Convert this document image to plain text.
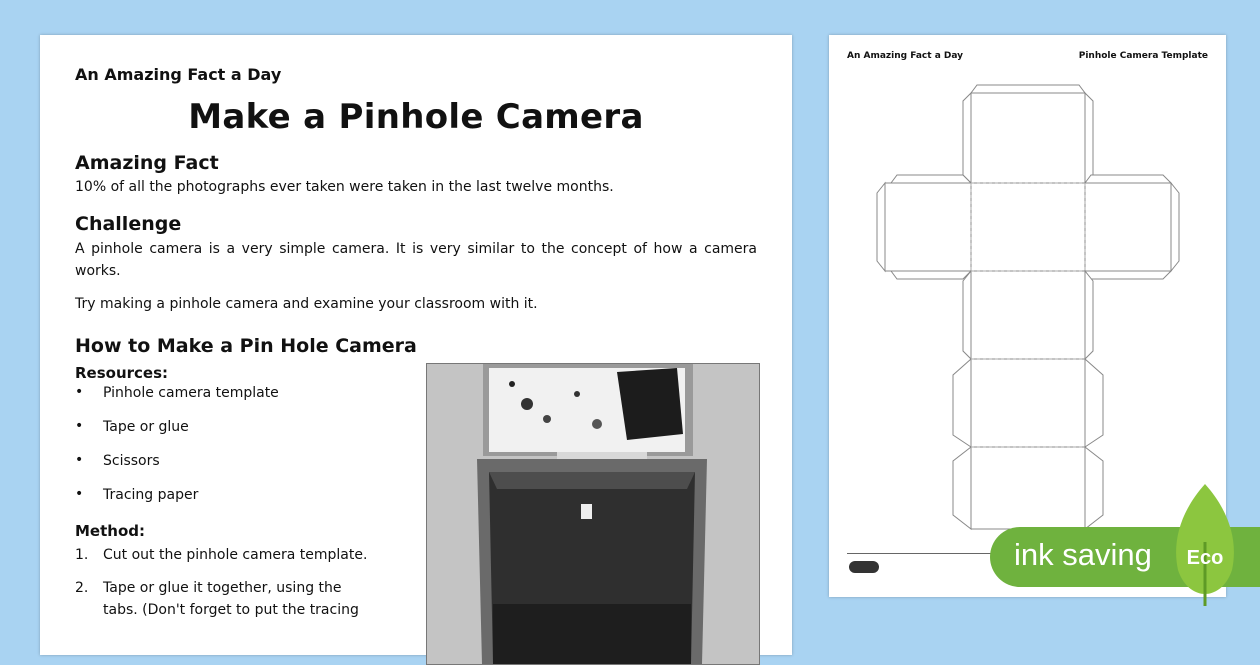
An Amazing Fact a Day
Make a Pinhole Camera
Amazing Fact
10% of all the photographs ever taken were taken in the last twelve months.
Challenge
A pinhole camera is a very simple camera. It is very similar to the concept of how a camera works.
Try making a pinhole camera and examine your classroom with it.
How to Make a Pin Hole Camera
Resources:
• Pinhole camera template
• Tape or glue
• Scissors
• Tracing paper
Method:
1. Cut out the pinhole camera template.
2. Tape or glue it together, using the tabs. (Don't forget to put the tracing
An Amazing Fact a Day	Pinhole Camera Template
ink saving Eco
